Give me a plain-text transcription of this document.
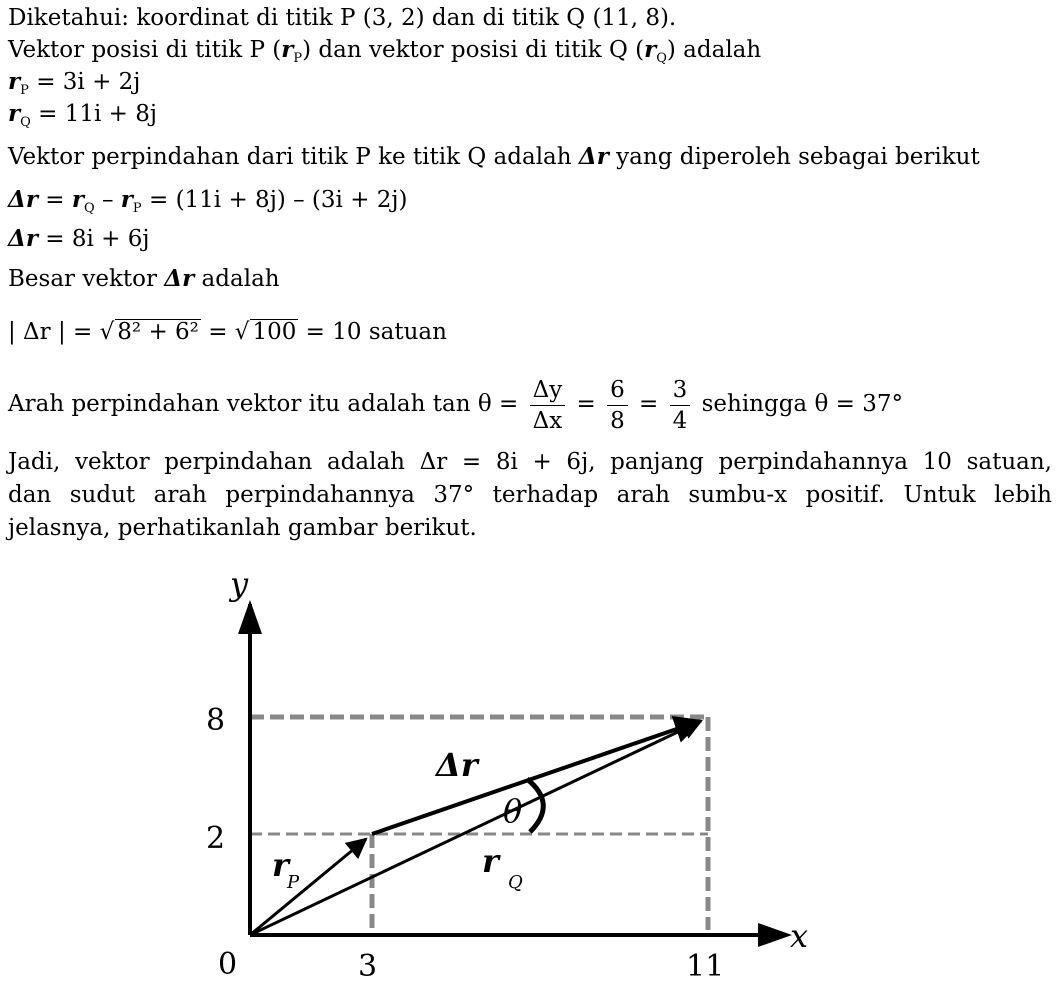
Diketahui: koordinat di titik P (3, 2) dan di titik Q (11, 8).
Vektor posisi di titik P $(r_P)$ dan vektor posisi di titik Q $(r_Q)$ adalah
$r_P = 3i + 2j$
$r_Q = 11i + 8j$
Vektor perpindahan dari titik P ke titik Q adalah Δr yang diperoleh sebagai berikut
$\Delta r = r_Q - r_P = (11i + 8j) - (3i + 2j)$
Δr = 8i + 6j
Besar vektor Δr adalah
| Δr | = √ 8² + 6² = √ 100 = 10 satuan
Arah perpindahan vektor itu adalah $\tan \theta = \frac{\Delta y}{\Delta x} = \frac{6}{8} = \frac{3}{4}$ sehingga θ = 37°
Jadi, vektor perpindahan adalah Δr = 8i + 6j, panjang perpindahannya 10 satuan,
dan sudut arah perpindahannya 37° terhadap arah sumbu-x positif. Untuk lebih
jelasnya, perhatikanlah gambar berikut.
y
x
0	3	11
2
8
Δr
θ
r
P
r
Q
